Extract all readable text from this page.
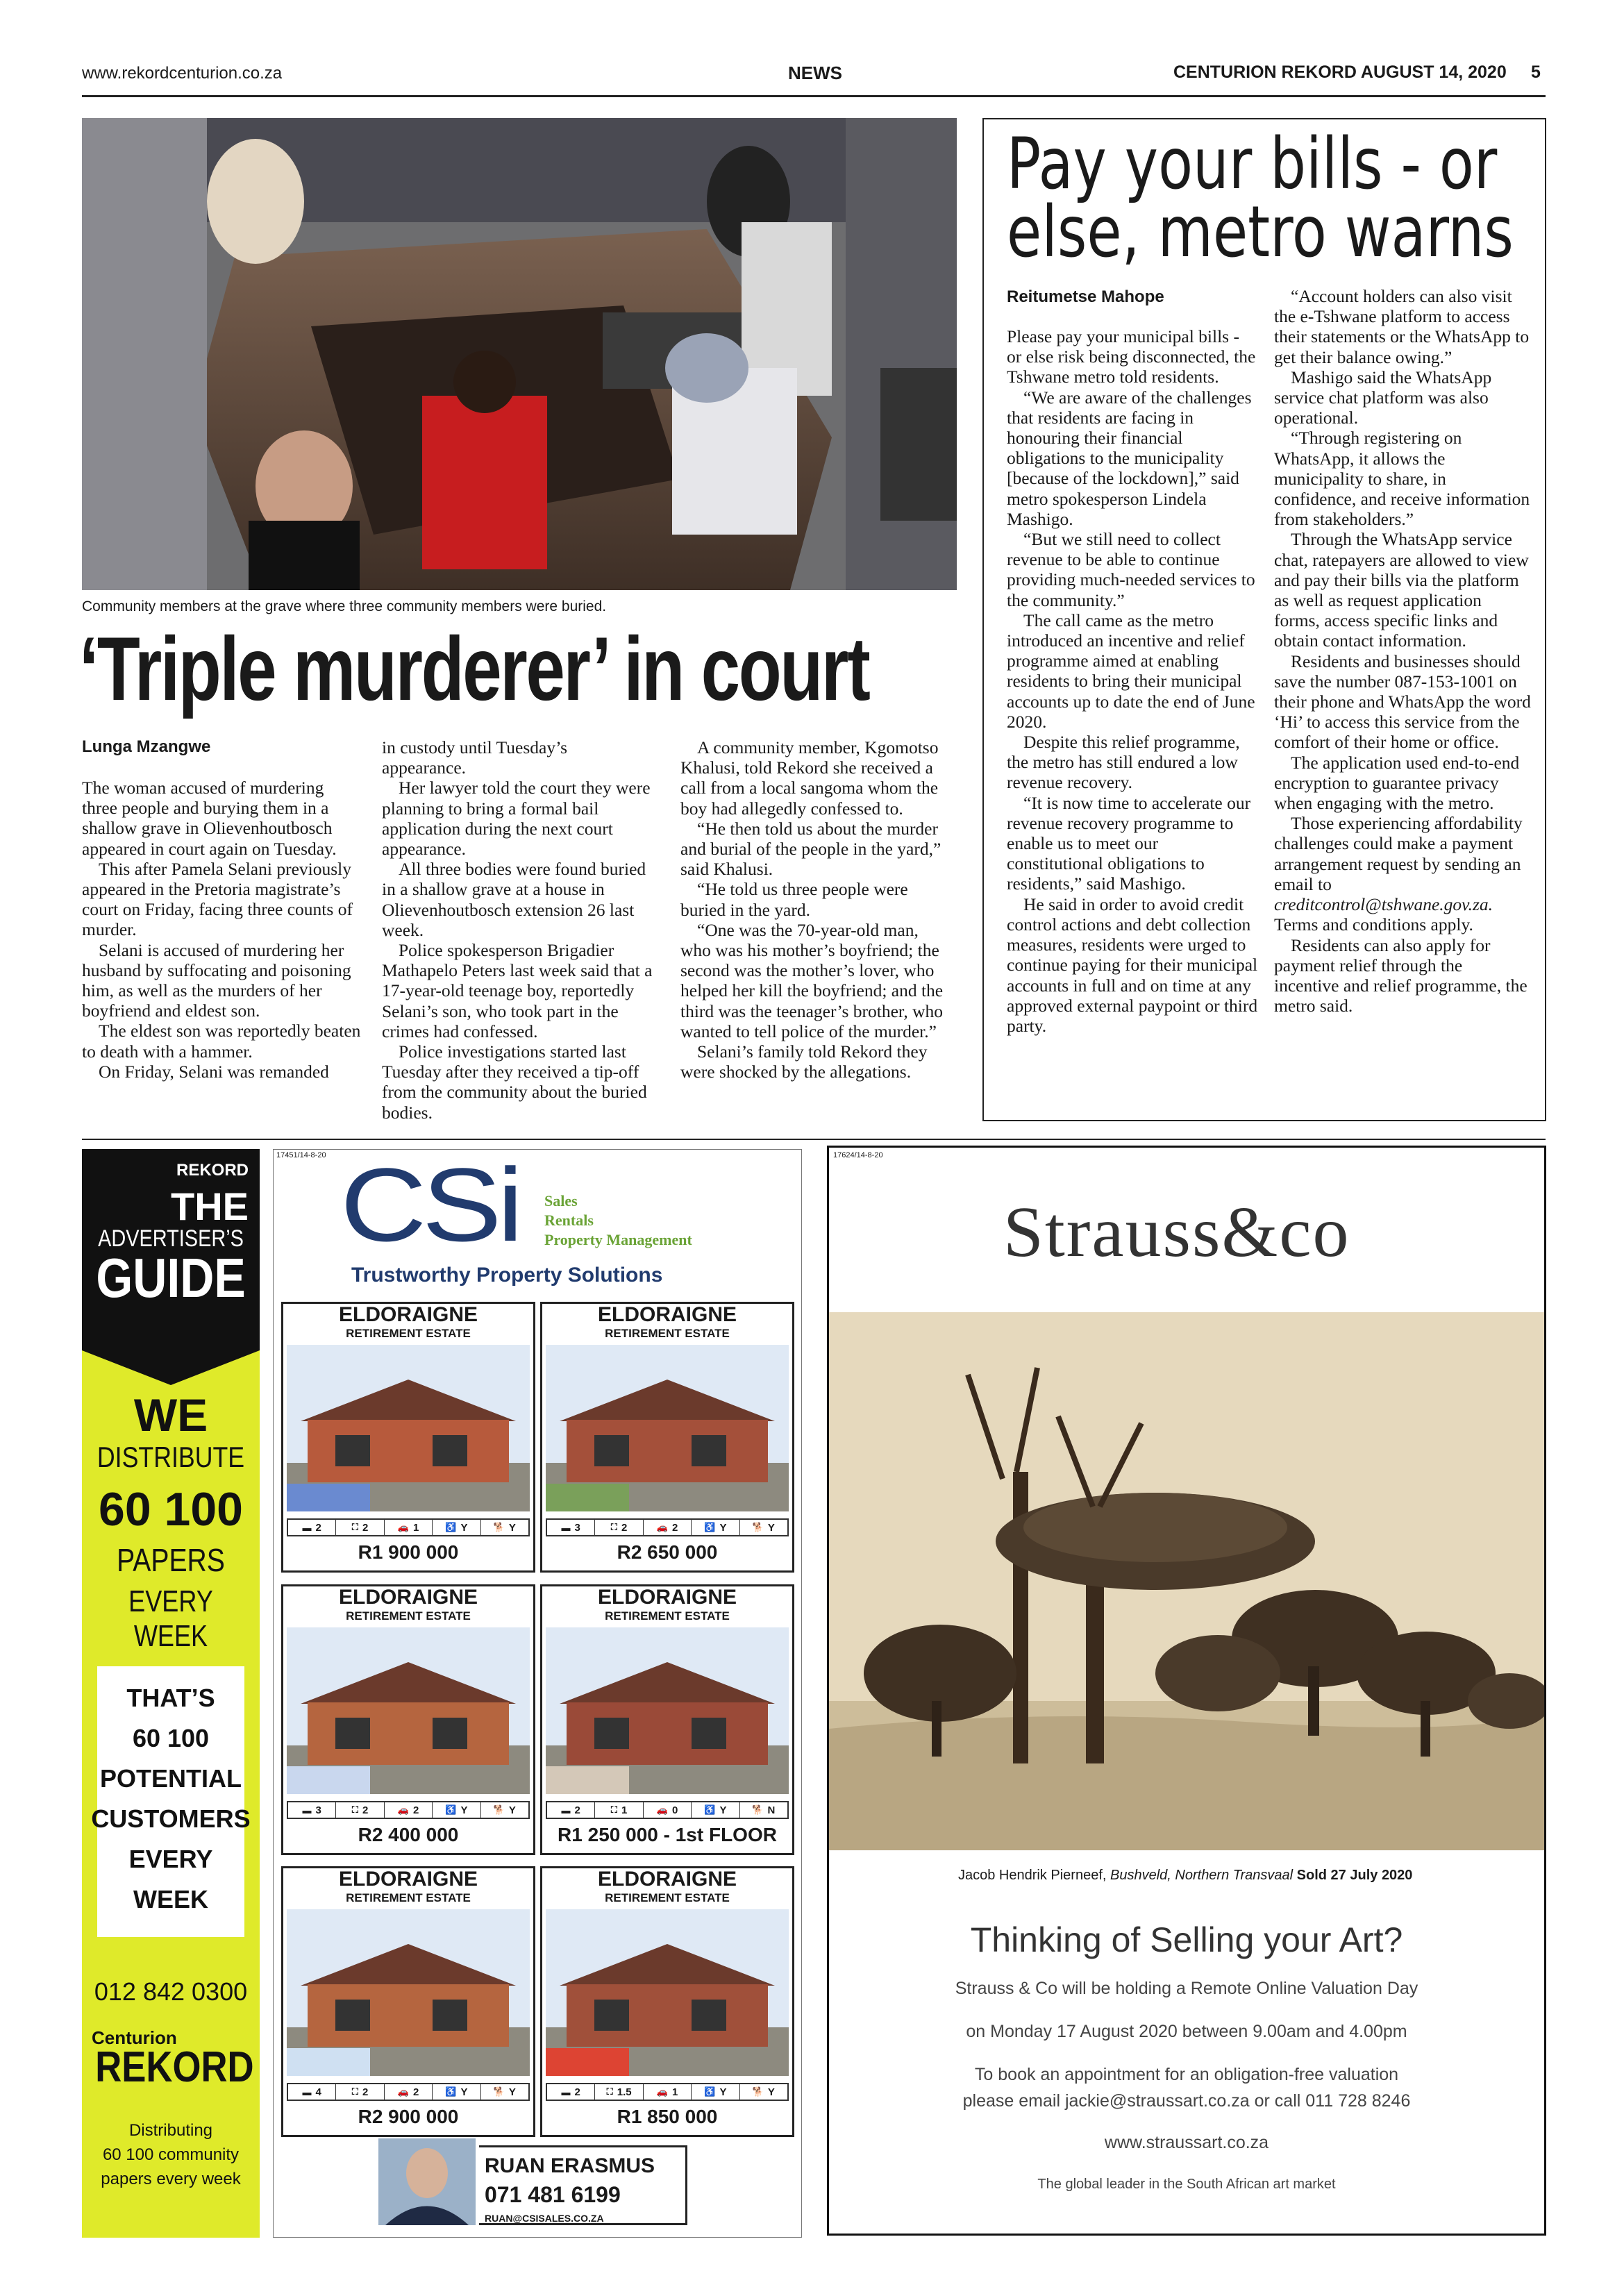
www.rekordcenturion.co.za	NEWS	CENTURION REKORD AUGUST 14, 2020 5
Community members at the grave where three community members were buried.
‘Triple murderer’ in court
Lunga Mzangwe

The woman accused of murdering three people and burying them in a shallow grave in Olievenhoutbosch appeared in court again on Tuesday.

This after Pamela Selani previously appeared in the Pretoria magistrate’s court on Friday, facing three counts of murder.

Selani is accused of murdering her husband by suffocating and poisoning him, as well as the murders of her boyfriend and eldest son.

The eldest son was reportedly beaten to death with a hammer.

On Friday, Selani was remanded

in custody until Tuesday’s appearance.

Her lawyer told the court they were planning to bring a formal bail application during the next court appearance.

All three bodies were found buried in a shallow grave at a house in Olievenhoutbosch extension 26 last week.

Police spokesperson Brigadier Mathapelo Peters last week said that a 17-year-old teenage boy, reportedly Selani’s son, who took part in the crimes had confessed.

Police investigations started last Tuesday after they received a tip-off from the community about the buried bodies.

A community member, Kgomotso Khalusi, told Rekord she received a call from a local sangoma whom the boy had allegedly confessed to.

“He then told us about the murder and burial of the people in the yard,” said Khalusi.

“He told us three people were buried in the yard.

“One was the 70-year-old man, who was his mother’s boyfriend; the second was the mother’s lover, who helped her kill the boyfriend; and the third was the teenager’s brother, who wanted to tell police of the murder.”

Selani’s family told Rekord they were shocked by the allegations.

Pay your bills - or
else, metro warns
Reitumetse Mahope

Please pay your municipal bills - or else risk being disconnected, the Tshwane metro told residents.

“We are aware of the challenges that residents are facing in honouring their financial obligations to the municipality [because of the lockdown],” said metro spokesperson Lindela Mashigo.

“But we still need to collect revenue to be able to continue providing much-needed services to the community.”

The call came as the metro introduced an incentive and relief programme aimed at enabling residents to bring their municipal accounts up to date the end of June 2020.

Despite this relief programme, the metro has still endured a low revenue recovery.

“It is now time to accelerate our revenue recovery programme to enable us to meet our constitutional obligations to residents,” said Mashigo.

He said in order to avoid credit control actions and debt collection measures, residents were urged to continue paying for their municipal accounts in full and on time at any approved external paypoint or third party.

“Account holders can also visit the e-Tshwane platform to access their statements or the WhatsApp to get their balance owing.”

Mashigo said the WhatsApp service chat platform was also operational.

“Through registering on WhatsApp, it allows the municipality to share, in confidence, and receive information from stakeholders.”

Through the WhatsApp service chat, ratepayers are allowed to view and pay their bills via the platform as well as request application forms, access specific links and obtain contact information.

Residents and businesses should save the number 087-153-1001 on their phone and WhatsApp the word ‘Hi’ to access this service from the comfort of their home or office.

The application used end-to-end encryption to guarantee privacy when engaging with the metro.

Those experiencing affordability challenges could make a payment arrangement request by sending an email to creditcontrol@tshwane.gov.za. Terms and conditions apply.

Residents can also apply for payment relief through the incentive and relief programme, the metro said.

REKORD
THE
ADVERTISER’S
GUIDE
WE
DISTRIBUTE
60 100
PAPERS
EVERY WEEK
THAT’S
60 100
POTENTIAL
CUSTOMERS
EVERY
WEEK
012 842 0300
Centurion
REKORD
Distributing
60 100 community
papers every week
17451/14-8-20 CSi Sales
Rentals
Property Management
Trustworthy Property Solutions
ELDORAIGNE
RETIREMENT ESTATE
▬ 2	⛶ 2	🚗 1	♿ Y	🐕 Y
R1 900 000
ELDORAIGNE
RETIREMENT ESTATE
▬ 3	⛶ 2	🚗 2	♿ Y	🐕 Y
R2 650 000
ELDORAIGNE
RETIREMENT ESTATE
▬ 3	⛶ 2	🚗 2	♿ Y	🐕 Y
R2 400 000
ELDORAIGNE
RETIREMENT ESTATE
▬ 2	⛶ 1	🚗 0	♿ Y	🐕 N
R1 250 000 - 1st FLOOR
ELDORAIGNE
RETIREMENT ESTATE
▬ 4	⛶ 2	🚗 2	♿ Y	🐕 Y
R2 900 000
ELDORAIGNE
RETIREMENT ESTATE
▬ 2	⛶ 1.5	🚗 1	♿ Y	🐕 Y
R1 850 000
RUAN ERASMUS
071 481 6199
RUAN@CSISALES.CO.ZA
17624/14-8-20
Strauss&co
Jacob Hendrik Pierneef, Bushveld, Northern Transvaal Sold 27 July 2020
Thinking of Selling your Art?
Strauss & Co will be holding a Remote Online Valuation Day
on Monday 17 August 2020 between 9.00am and 4.00pm
To book an appointment for an obligation-free valuation
please email jackie@straussart.co.za or call 011 728 8246
www.straussart.co.za
The global leader in the South African art market
